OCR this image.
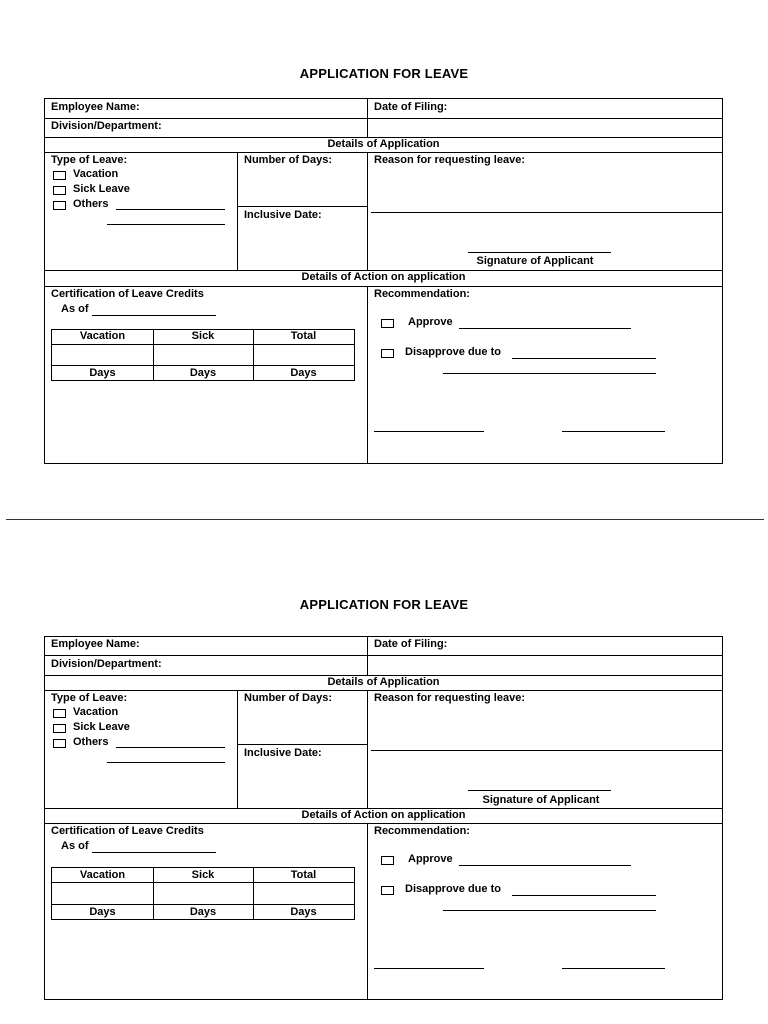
APPLICATION FOR LEAVE
Employee Name:	Date of Filing:
Division/Department:
Details of Application
Type of Leave:
Vacation
Sick Leave
Others
Number of Days:
Inclusive Date:
Reason for requesting leave:
Signature of Applicant
Details of Action on application
Certification of Leave Credits
As of
Vacation	Sick	Total
Days	Days	Days
Recommendation:
Approve
Disapprove due to
APPLICATION FOR LEAVE
Employee Name:	Date of Filing:
Division/Department:
Details of Application
Type of Leave:
Vacation
Sick Leave
Others
Number of Days:
Inclusive Date:
Reason for requesting leave:
Signature of Applicant
Details of Action on application
Certification of Leave Credits
As of
Vacation	Sick	Total
Days	Days	Days
Recommendation:
Approve
Disapprove due to
